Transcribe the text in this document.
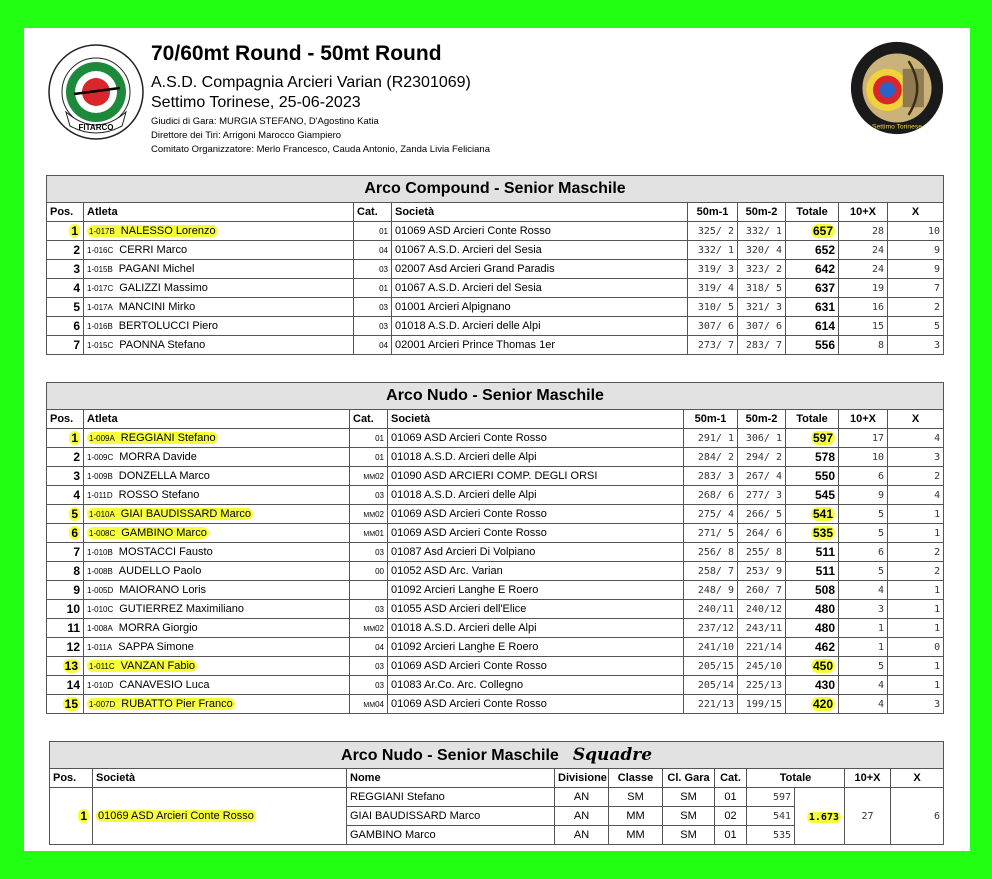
FITARCO
70/60mt Round - 50mt Round
A.S.D. Compagnia Arcieri Varian (R2301069)
Settimo Torinese, 25-06-2023
Giudici di Gara: MURGIA STEFANO, D'Agostino Katia
Direttore dei Tiri: Arrigoni Marocco Giampiero
Comitato Organizzatore: Merlo Francesco, Cauda Antonio, Zanda Livia Feliciana
Settimo Torinese
Arco Compound - Senior Maschile								
Pos.	Atleta	Cat.	Società	50m-1	50m-2	Totale	10+X	X
1	1-017B NALESSO Lorenzo	01	01069 ASD Arcieri Conte Rosso	325/ 2	332/ 1	657	28	10
2	1-016C CERRI Marco	04	01067 A.S.D. Arcieri del Sesia	332/ 1	320/ 4	652	24	9
3	1-015B PAGANI Michel	03	02007 Asd Arcieri Grand Paradis	319/ 3	323/ 2	642	24	9
4	1-017C GALIZZI Massimo	01	01067 A.S.D. Arcieri del Sesia	319/ 4	318/ 5	637	19	7
5	1-017A MANCINI Mirko	03	01001 Arcieri Alpignano	310/ 5	321/ 3	631	16	2
6	1-016B BERTOLUCCI Piero	03	01018 A.S.D. Arcieri delle Alpi	307/ 6	307/ 6	614	15	5
7	1-015C PAONNA Stefano	04	02001 Arcieri Prince Thomas 1er	273/ 7	283/ 7	556	8	3
Arco Nudo - Senior Maschile								
Pos.	Atleta	Cat.	Società	50m-1	50m-2	Totale	10+X	X
1	1-009A REGGIANI Stefano	01	01069 ASD Arcieri Conte Rosso	291/ 1	306/ 1	597	17	4
2	1-009C MORRA Davide	01	01018 A.S.D. Arcieri delle Alpi	284/ 2	294/ 2	578	10	3
3	1-009B DONZELLA Marco	MM02	01090 ASD ARCIERI COMP. DEGLI ORSI	283/ 3	267/ 4	550	6	2
4	1-011D ROSSO Stefano	03	01018 A.S.D. Arcieri delle Alpi	268/ 6	277/ 3	545	9	4
5	1-010A GIAI BAUDISSARD Marco	MM02	01069 ASD Arcieri Conte Rosso	275/ 4	266/ 5	541	5	1
6	1-008C GAMBINO Marco	MM01	01069 ASD Arcieri Conte Rosso	271/ 5	264/ 6	535	5	1
7	1-010B MOSTACCI Fausto	03	01087 Asd Arcieri Di Volpiano	256/ 8	255/ 8	511	6	2
8	1-008B AUDELLO Paolo	00	01052 ASD Arc. Varian	258/ 7	253/ 9	511	5	2
9	1-005D MAIORANO Loris		01092 Arcieri Langhe E Roero	248/ 9	260/ 7	508	4	1
10	1-010C GUTIERREZ Maximiliano	03	01055 ASD Arcieri dell'Elice	240/11	240/12	480	3	1
11	1-008A MORRA Giorgio	MM02	01018 A.S.D. Arcieri delle Alpi	237/12	243/11	480	1	1
12	1-011A SAPPA Simone	04	01092 Arcieri Langhe E Roero	241/10	221/14	462	1	0
13	1-011C VANZAN Fabio	03	01069 ASD Arcieri Conte Rosso	205/15	245/10	450	5	1
14	1-010D CANAVESIO Luca	03	01083 Ar.Co. Arc. Collegno	205/14	225/13	430	4	1
15	1-007D RUBATTO Pier Franco	MM04	01069 ASD Arcieri Conte Rosso	221/13	199/15	420	4	3
Arco Nudo - Senior Maschile Squadre										
Pos.	Società	Nome	Divisione	Classe	Cl. Gara	Cat.	Totale		10+X	X
1	01069 ASD Arcieri Conte Rosso	REGGIANI Stefano	AN	SM	SM	01	597	1.673	27	6
		GIAI BAUDISSARD Marco	AN	MM	SM	02	541			
		GAMBINO Marco	AN	MM	SM	01	535			
